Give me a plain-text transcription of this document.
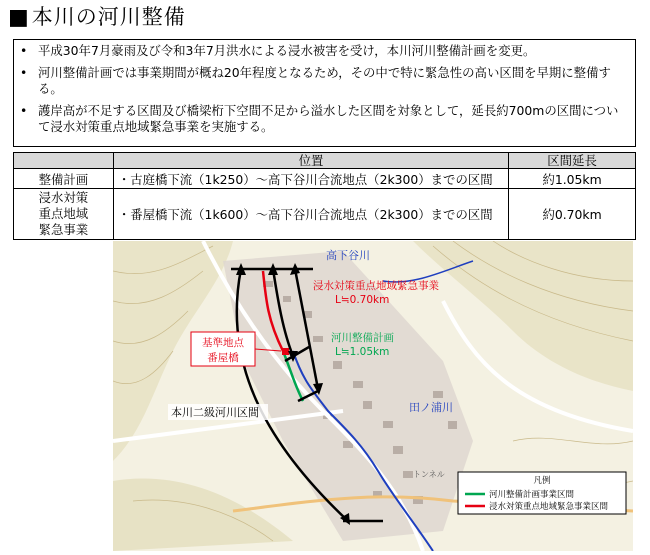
■本川の河川整備
• 平成30年7月豪雨及び令和3年7月洪水による浸水被害を受け，本川河川整備計画を変更。
• 河川整備計画では事業期間が概ね20年程度となるため，その中で特に緊急性の高い区間を早期に整備する。
• 護岸高が不足する区間及び橋梁桁下空間不足から溢水した区間を対象として，延長約700mの区間について浸水対策重点地域緊急事業を実施する。
	位置	区間延長
整備計画	・古庭橋下流（1k250）～高下谷川合流地点（2k300）までの区間	約1.05km

浸水対策
重点地域
緊急事業	・番屋橋下流（1k600）～高下谷川合流地点（2k300）までの区間	約0.70km
高下谷川
浸水対策重点地域緊急事業
L≒0.70km
河川整備計画
L≒1.05km
基準地点
番屋橋
本川二級河川区間	田ノ浦川
トンネル
凡例
河川整備計画事業区間
浸水対策重点地域緊急事業区間
